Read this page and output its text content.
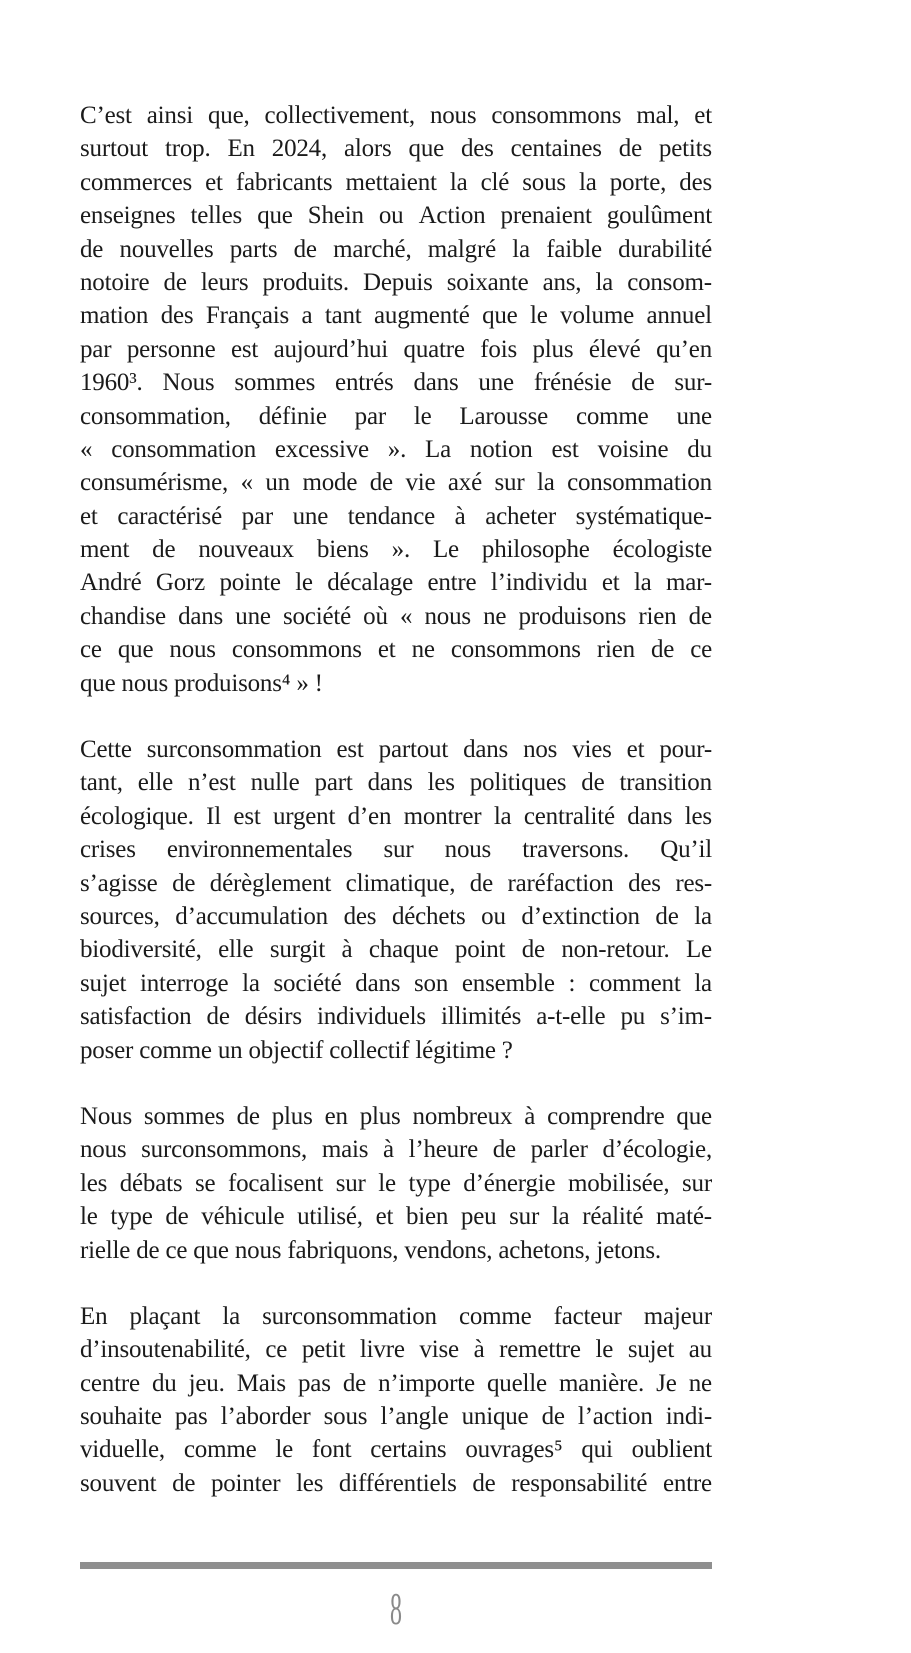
C’est ainsi que, collectivement, nous consommons mal, et
surtout trop. En 2024, alors que des centaines de petits
commerces et fabricants mettaient la clé sous la porte, des
enseignes telles que Shein ou Action prenaient goulûment
de nouvelles parts de marché, malgré la faible durabilité
notoire de leurs produits. Depuis soixante ans, la consom-
mation des Français a tant augmenté que le volume annuel
par personne est aujourd’hui quatre fois plus élevé qu’en
1960³. Nous sommes entrés dans une frénésie de sur-
consommation, définie par le Larousse comme une
« consommation excessive ». La notion est voisine du
consumérisme, « un mode de vie axé sur la consommation
et caractérisé par une tendance à acheter systématique-
ment de nouveaux biens ». Le philosophe écologiste
André Gorz pointe le décalage entre l’individu et la mar-
chandise dans une société où « nous ne produisons rien de
ce que nous consommons et ne consommons rien de ce
que nous produisons⁴ » !
Cette surconsommation est partout dans nos vies et pour-
tant, elle n’est nulle part dans les politiques de transition
écologique. Il est urgent d’en montrer la centralité dans les
crises environnementales sur nous traversons. Qu’il
s’agisse de dérèglement climatique, de raréfaction des res-
sources, d’accumulation des déchets ou d’extinction de la
biodiversité, elle surgit à chaque point de non-retour. Le
sujet interroge la société dans son ensemble : comment la
satisfaction de désirs individuels illimités a-t-elle pu s’im-
poser comme un objectif collectif légitime ?
Nous sommes de plus en plus nombreux à comprendre que
nous surconsommons, mais à l’heure de parler d’écologie,
les débats se focalisent sur le type d’énergie mobilisée, sur
le type de véhicule utilisé, et bien peu sur la réalité maté-
rielle de ce que nous fabriquons, vendons, achetons, jetons.
En plaçant la surconsommation comme facteur majeur
d’insoutenabilité, ce petit livre vise à remettre le sujet au
centre du jeu. Mais pas de n’importe quelle manière. Je ne
souhaite pas l’aborder sous l’angle unique de l’action indi-
viduelle, comme le font certains ouvrages⁵ qui oublient
souvent de pointer les différentiels de responsabilité entre
8
